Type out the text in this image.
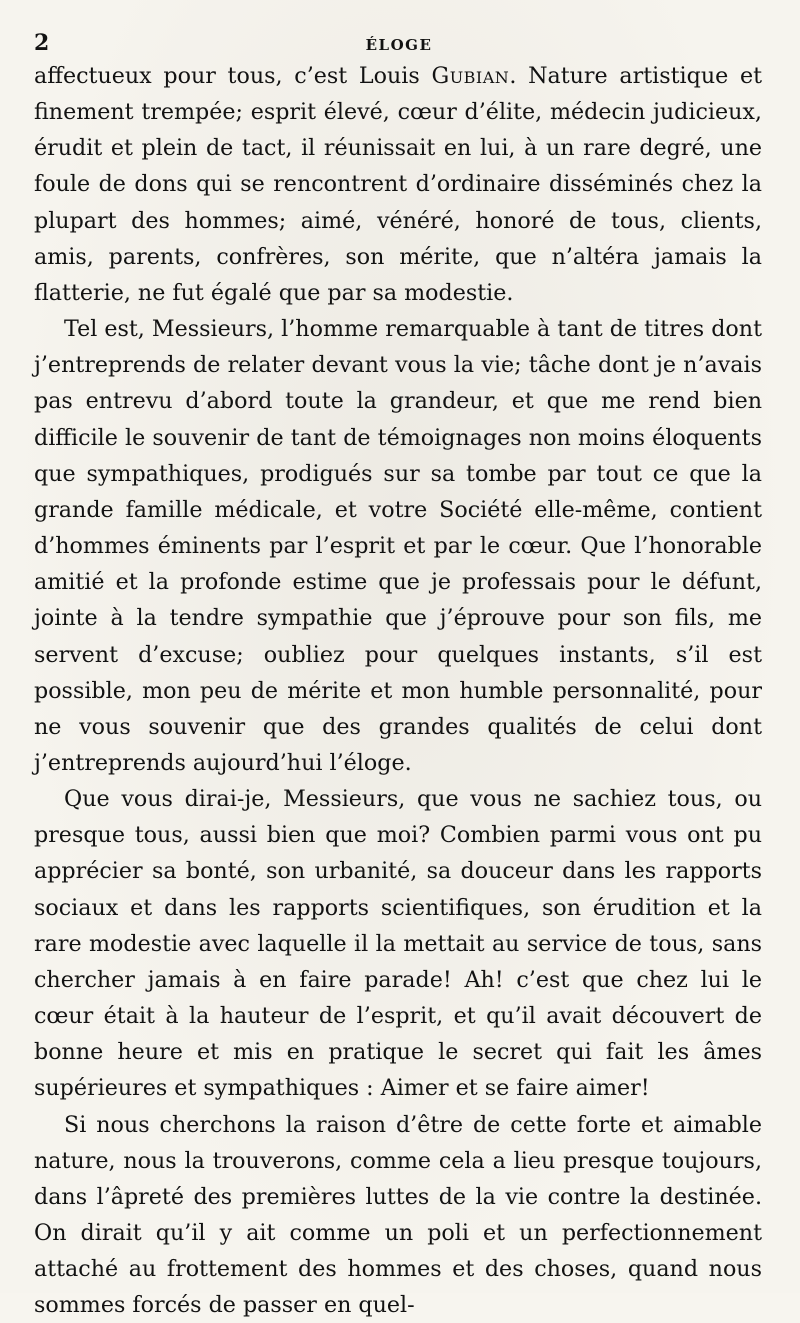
2	ÉLOGE

affectueux pour tous, c’est Louis Gubian. Nature artistique et finement trempée; esprit élevé, cœur d’élite, médecin judicieux, érudit et plein de tact, il réunissait en lui, à un rare degré, une foule de dons qui se rencontrent d’ordinaire disséminés chez la plupart des hommes; aimé, vénéré, honoré de tous, clients, amis, parents, confrères, son mérite, que n’altéra jamais la flatterie, ne fut égalé que par sa modestie.

Tel est, Messieurs, l’homme remarquable à tant de titres dont j’entreprends de relater devant vous la vie; tâche dont je n’avais pas entrevu d’abord toute la grandeur, et que me rend bien difficile le souvenir de tant de témoignages non moins éloquents que sympathiques, prodigués sur sa tombe par tout ce que la grande famille médicale, et votre Société elle-même, contient d’hommes éminents par l’esprit et par le cœur. Que l’honorable amitié et la profonde estime que je professais pour le défunt, jointe à la tendre sympathie que j’éprouve pour son fils, me servent d’excuse; oubliez pour quelques instants, s’il est possible, mon peu de mérite et mon humble personnalité, pour ne vous souvenir que des grandes qualités de celui dont j’entreprends aujourd’hui l’éloge.

Que vous dirai-je, Messieurs, que vous ne sachiez tous, ou presque tous, aussi bien que moi? Combien parmi vous ont pu apprécier sa bonté, son urbanité, sa douceur dans les rapports sociaux et dans les rapports scientifiques, son érudition et la rare modestie avec laquelle il la mettait au service de tous, sans chercher jamais à en faire parade! Ah! c’est que chez lui le cœur était à la hauteur de l’esprit, et qu’il avait découvert de bonne heure et mis en pratique le secret qui fait les âmes supérieures et sympathiques : Aimer et se faire aimer!

Si nous cherchons la raison d’être de cette forte et aimable nature, nous la trouverons, comme cela a lieu presque toujours, dans l’âpreté des premières luttes de la vie contre la destinée. On dirait qu’il y ait comme un poli et un perfectionnement attaché au frottement des hommes et des choses, quand nous sommes forcés de passer en quel-
